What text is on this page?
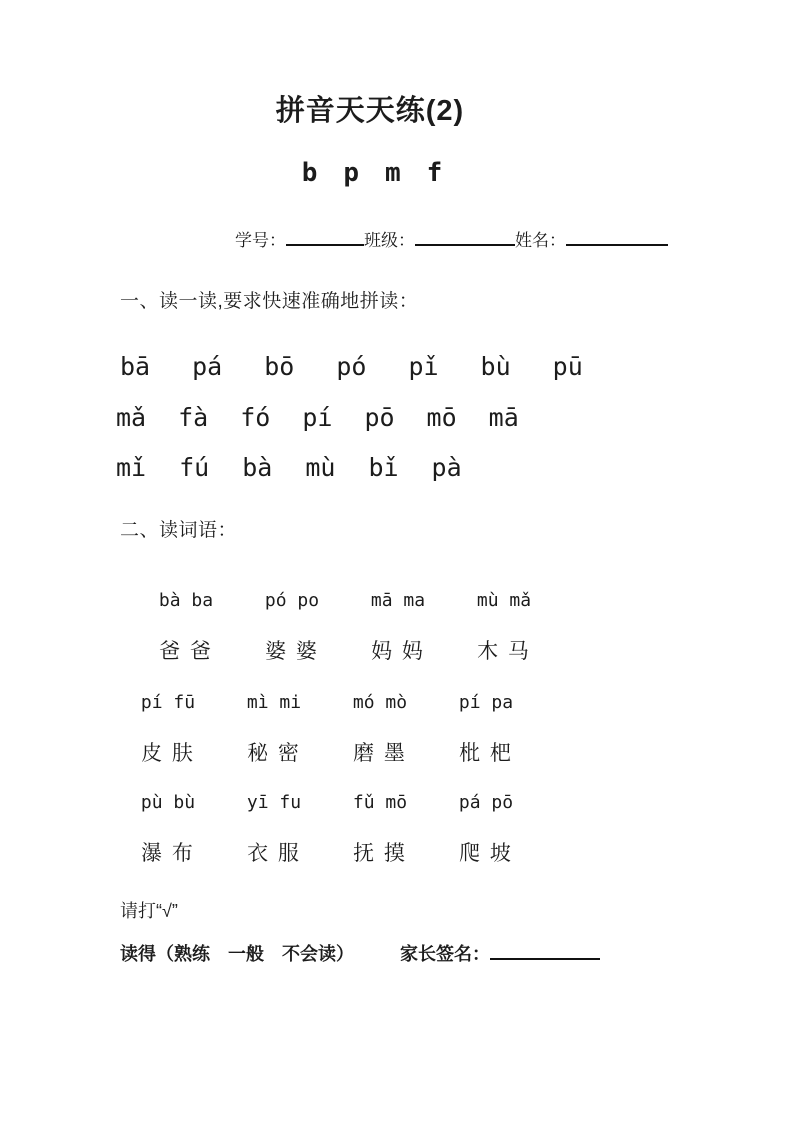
拼音天天练(2)
b p m f
学号：	班级：	姓名：
一、读一读,要求快速准确地拼读：
bā pá bō pó pǐ bù pū
mǎ fà fó pí pō mō mā
mǐ fú bà mù bǐ pà
二、读词语：
bà ba
爸 爸
pó po
婆 婆
mā ma
妈 妈
mù mǎ
木 马
pí fū
皮 肤
mì mi
秘 密
mó mò
磨 墨
pí pa
枇 杷
pù bù
瀑 布
yī fu
衣 服
fǔ mō
抚 摸
pá pō
爬 坡
请打“√”
读得（熟练　一般　不会读）	家长签名：
